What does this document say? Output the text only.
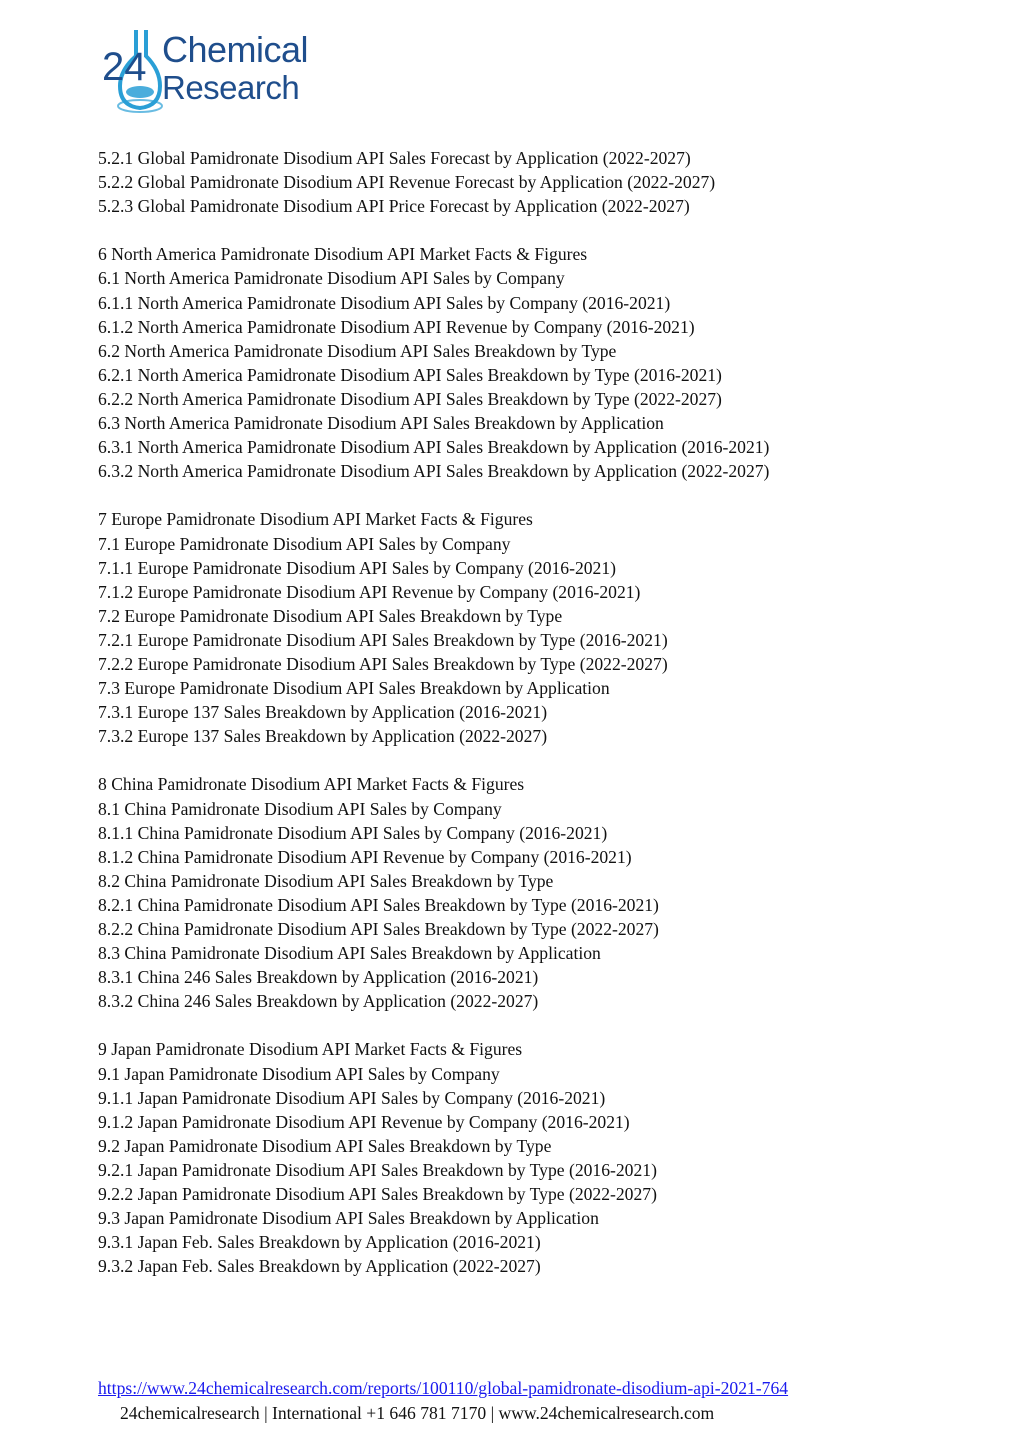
24 Chemical
Research
5.2.1 Global Pamidronate Disodium API Sales Forecast by Application (2022-2027)
5.2.2 Global Pamidronate Disodium API Revenue Forecast by Application (2022-2027)
5.2.3 Global Pamidronate Disodium API Price Forecast by Application (2022-2027)
6 North America Pamidronate Disodium API Market Facts & Figures
6.1 North America Pamidronate Disodium API Sales by Company
6.1.1 North America Pamidronate Disodium API Sales by Company (2016-2021)
6.1.2 North America Pamidronate Disodium API Revenue by Company (2016-2021)
6.2 North America Pamidronate Disodium API Sales Breakdown by Type
6.2.1 North America Pamidronate Disodium API Sales Breakdown by Type (2016-2021)
6.2.2 North America Pamidronate Disodium API Sales Breakdown by Type (2022-2027)
6.3 North America Pamidronate Disodium API Sales Breakdown by Application
6.3.1 North America Pamidronate Disodium API Sales Breakdown by Application (2016-2021)
6.3.2 North America Pamidronate Disodium API Sales Breakdown by Application (2022-2027)
7 Europe Pamidronate Disodium API Market Facts & Figures
7.1 Europe Pamidronate Disodium API Sales by Company
7.1.1 Europe Pamidronate Disodium API Sales by Company (2016-2021)
7.1.2 Europe Pamidronate Disodium API Revenue by Company (2016-2021)
7.2 Europe Pamidronate Disodium API Sales Breakdown by Type
7.2.1 Europe Pamidronate Disodium API Sales Breakdown by Type (2016-2021)
7.2.2 Europe Pamidronate Disodium API Sales Breakdown by Type (2022-2027)
7.3 Europe Pamidronate Disodium API Sales Breakdown by Application
7.3.1 Europe 137 Sales Breakdown by Application (2016-2021)
7.3.2 Europe 137 Sales Breakdown by Application (2022-2027)
8 China Pamidronate Disodium API Market Facts & Figures
8.1 China Pamidronate Disodium API Sales by Company
8.1.1 China Pamidronate Disodium API Sales by Company (2016-2021)
8.1.2 China Pamidronate Disodium API Revenue by Company (2016-2021)
8.2 China Pamidronate Disodium API Sales Breakdown by Type
8.2.1 China Pamidronate Disodium API Sales Breakdown by Type (2016-2021)
8.2.2 China Pamidronate Disodium API Sales Breakdown by Type (2022-2027)
8.3 China Pamidronate Disodium API Sales Breakdown by Application
8.3.1 China 246 Sales Breakdown by Application (2016-2021)
8.3.2 China 246 Sales Breakdown by Application (2022-2027)
9 Japan Pamidronate Disodium API Market Facts & Figures
9.1 Japan Pamidronate Disodium API Sales by Company
9.1.1 Japan Pamidronate Disodium API Sales by Company (2016-2021)
9.1.2 Japan Pamidronate Disodium API Revenue by Company (2016-2021)
9.2 Japan Pamidronate Disodium API Sales Breakdown by Type
9.2.1 Japan Pamidronate Disodium API Sales Breakdown by Type (2016-2021)
9.2.2 Japan Pamidronate Disodium API Sales Breakdown by Type (2022-2027)
9.3 Japan Pamidronate Disodium API Sales Breakdown by Application
9.3.1 Japan Feb. Sales Breakdown by Application (2016-2021)
9.3.2 Japan Feb. Sales Breakdown by Application (2022-2027)
https://www.24chemicalresearch.com/reports/100110/global-pamidronate-disodium-api-2021-764
24chemicalresearch | International +1 646 781 7170 | www.24chemicalresearch.com
